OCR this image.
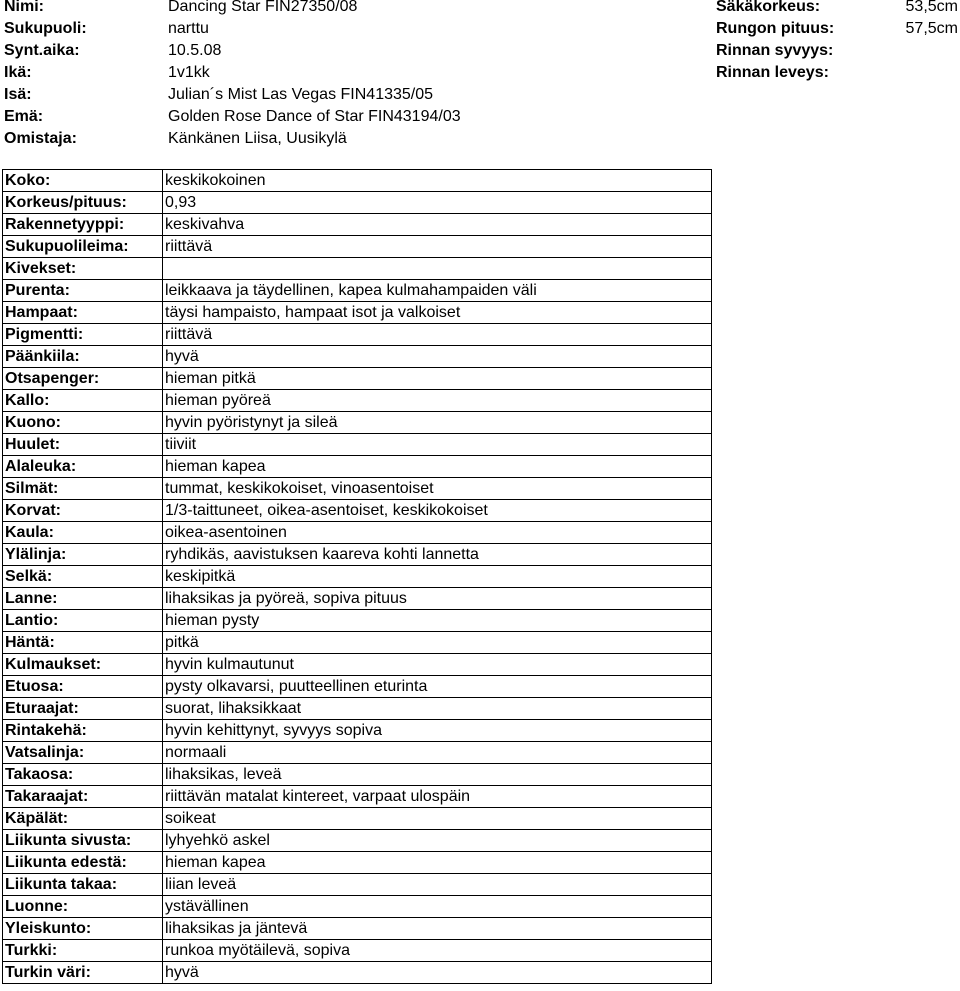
Nimi:	Dancing Star FIN27350/08
Sukupuoli:	narttu
Synt.aika:	10.5.08
Ikä:	1v1kk
Isä:	Julian´s Mist Las Vegas FIN41335/05
Emä:	Golden Rose Dance of Star FIN43194/03
Omistaja:	Känkänen Liisa, Uusikylä
Säkäkorkeus:	53,5cm
Rungon pituus:	57,5cm
Rinnan syvyys:
Rinnan leveys:
Koko:	keskikokoinen
Korkeus/pituus:	0,93
Rakennetyyppi:	keskivahva
Sukupuolileima:	riittävä
Kivekset:	
Purenta:	leikkaava ja täydellinen, kapea kulmahampaiden väli
Hampaat:	täysi hampaisto, hampaat isot ja valkoiset
Pigmentti:	riittävä
Päänkiila:	hyvä
Otsapenger:	hieman pitkä
Kallo:	hieman pyöreä
Kuono:	hyvin pyöristynyt ja sileä
Huulet:	tiiviit
Alaleuka:	hieman kapea
Silmät:	tummat, keskikokoiset, vinoasentoiset
Korvat:	1/3-taittuneet, oikea-asentoiset, keskikokoiset
Kaula:	oikea-asentoinen
Ylälinja:	ryhdikäs, aavistuksen kaareva kohti lannetta
Selkä:	keskipitkä
Lanne:	lihaksikas ja pyöreä, sopiva pituus
Lantio:	hieman pysty
Häntä:	pitkä
Kulmaukset:	hyvin kulmautunut
Etuosa:	pysty olkavarsi, puutteellinen eturinta
Eturaajat:	suorat, lihaksikkaat
Rintakehä:	hyvin kehittynyt, syvyys sopiva
Vatsalinja:	normaali
Takaosa:	lihaksikas, leveä
Takaraajat:	riittävän matalat kintereet, varpaat ulospäin
Käpälät:	soikeat
Liikunta sivusta:	lyhyehkö askel
Liikunta edestä:	hieman kapea
Liikunta takaa:	liian leveä
Luonne:	ystävällinen
Yleiskunto:	lihaksikas ja jäntevä
Turkki:	runkoa myötäilevä, sopiva
Turkin väri:	hyvä
